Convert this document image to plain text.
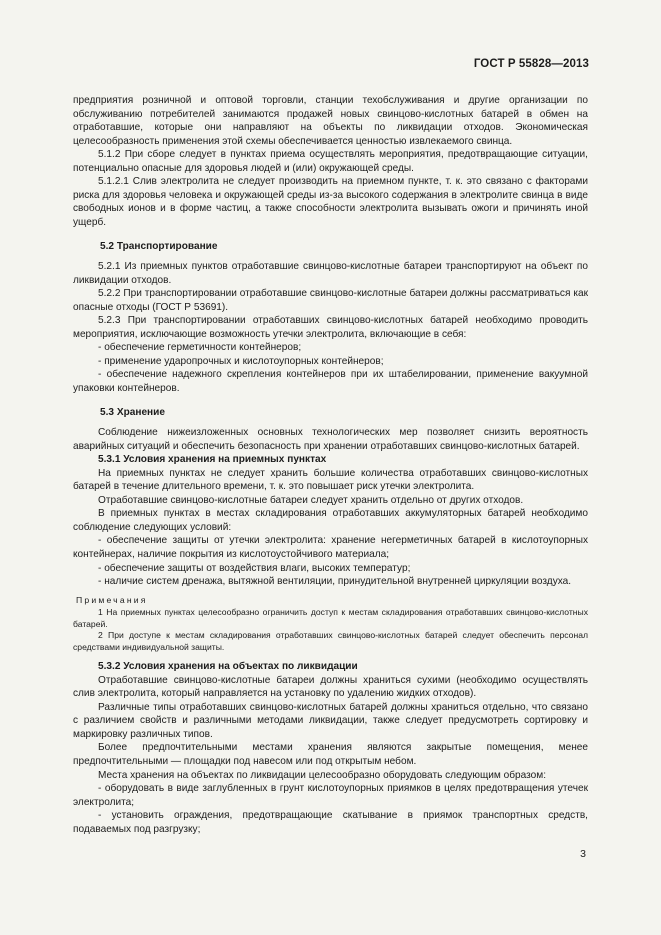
ГОСТ Р 55828—2013

предприятия розничной и оптовой торговли, станции техобслуживания и другие организации по обслуживанию потребителей занимаются продажей новых свинцово-кислотных батарей в обмен на отработавшие, которые они направляют на объекты по ликвидации отходов. Экономическая целесообразность применения этой схемы обеспечивается ценностью извлекаемого свинца.

5.1.2 При сборе следует в пунктах приема осуществлять мероприятия, предотвращающие ситуации, потенциально опасные для здоровья людей и (или) окружающей среды.

5.1.2.1 Слив электролита не следует производить на приемном пункте, т. к. это связано с факторами риска для здоровья человека и окружающей среды из-за высокого содержания в электролите свинца в виде свободных ионов и в форме частиц, а также способности электролита вызывать ожоги и причинять иной ущерб.

5.2 Транспортирование

5.2.1 Из приемных пунктов отработавшие свинцово-кислотные батареи транспортируют на объект по ликвидации отходов.

5.2.2 При транспортировании отработавшие свинцово-кислотные батареи должны рассматриваться как опасные отходы (ГОСТ Р 53691).

5.2.3 При транспортировании отработавших свинцово-кислотных батарей необходимо проводить мероприятия, исключающие возможность утечки электролита, включающие в себя:

- обеспечение герметичности контейнеров;

- применение ударопрочных и кислотоупорных контейнеров;

- обеспечение надежного скрепления контейнеров при их штабелировании, применение вакуумной упаковки контейнеров.

5.3 Хранение

Соблюдение нижеизложенных основных технологических мер позволяет снизить вероятность аварийных ситуаций и обеспечить безопасность при хранении отработавших свинцово-кислотных батарей.

5.3.1 Условия хранения на приемных пунктах

На приемных пунктах не следует хранить большие количества отработавших свинцово-кислотных батарей в течение длительного времени, т. к. это повышает риск утечки электролита.

Отработавшие свинцово-кислотные батареи следует хранить отдельно от других отходов.

В приемных пунктах в местах складирования отработавших аккумуляторных батарей необходимо соблюдение следующих условий:

- обеспечение защиты от утечки электролита: хранение негерметичных батарей в кислотоупорных контейнерах, наличие покрытия из кислотоустойчивого материала;

- обеспечение защиты от воздействия влаги, высоких температур;

- наличие систем дренажа, вытяжной вентиляции, принудительной внутренней циркуляции воздуха.

Примечания

1 На приемных пунктах целесообразно ограничить доступ к местам складирования отработавших свинцово-кислотных батарей.

2 При доступе к местам складирования отработавших свинцово-кислотных батарей следует обеспечить персонал средствами индивидуальной защиты.

5.3.2 Условия хранения на объектах по ликвидации

Отработавшие свинцово-кислотные батареи должны храниться сухими (необходимо осуществлять слив электролита, который направляется на установку по удалению жидких отходов).

Различные типы отработавших свинцово-кислотных батарей должны храниться отдельно, что связано с различием свойств и различными методами ликвидации, также следует предусмотреть сортировку и маркировку различных типов.

Более предпочтительными местами хранения являются закрытые помещения, менее предпочтительными — площадки под навесом или под открытым небом.

Места хранения на объектах по ликвидации целесообразно оборудовать следующим образом:

- оборудовать в виде заглубленных в грунт кислотоупорных приямков в целях предотвращения утечек электролита;

- установить ограждения, предотвращающие скатывание в приямок транспортных средств, подаваемых под разгрузку;

3
